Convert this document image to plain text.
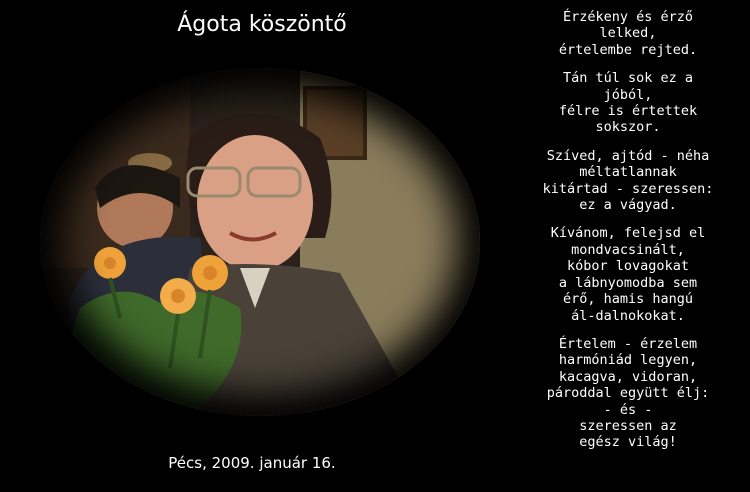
Ágota köszöntő
Pécs, 2009. január 16.
Érzékeny és érző
lelked,
értelembe rejted.
Tán túl sok ez a
jóból,
félre is értettek
sokszor.
Szíved, ajtód - néha
méltatlannak
kitártad - szeressen:
ez a vágyad.
Kívánom, felejsd el
mondvacsinált,
kóbor lovagokat
a lábnyomodba sem
érő, hamis hangú
ál-dalnokokat.
Értelem - érzelem
harmóniád legyen,
kacagva, vidoran,
pároddal együtt élj:
- és -
szeressen az
egész világ!
